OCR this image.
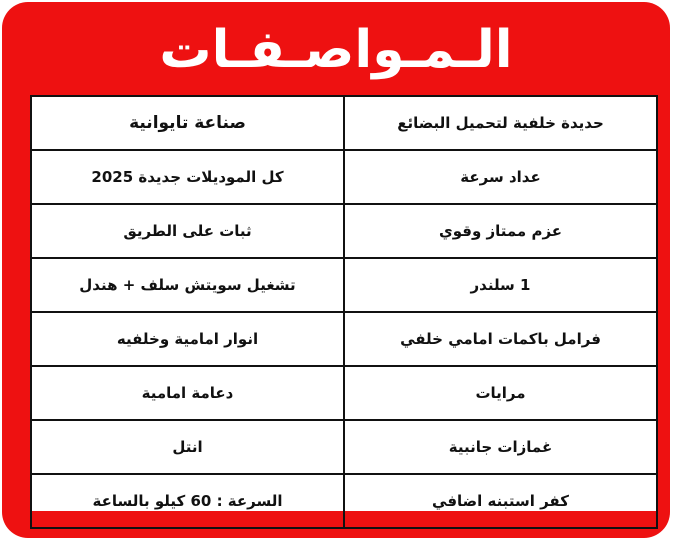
الـمـواصـفـات
حديدة خلفية لتحميل البضائع	صناعة تايوانية
عداد سرعة	كل الموديلات جديدة 2025
عزم ممتاز وقوي	ثبات على الطريق
1 سلندر	تشغيل سويتش سلف + هندل
فرامل باكمات امامي خلفي	انوار امامية وخلفيه
مرايات	دعامة امامية
غمازات جانبية	انتل
كفر استبنه اضافي	السرعة : 60 كيلو بالساعة
